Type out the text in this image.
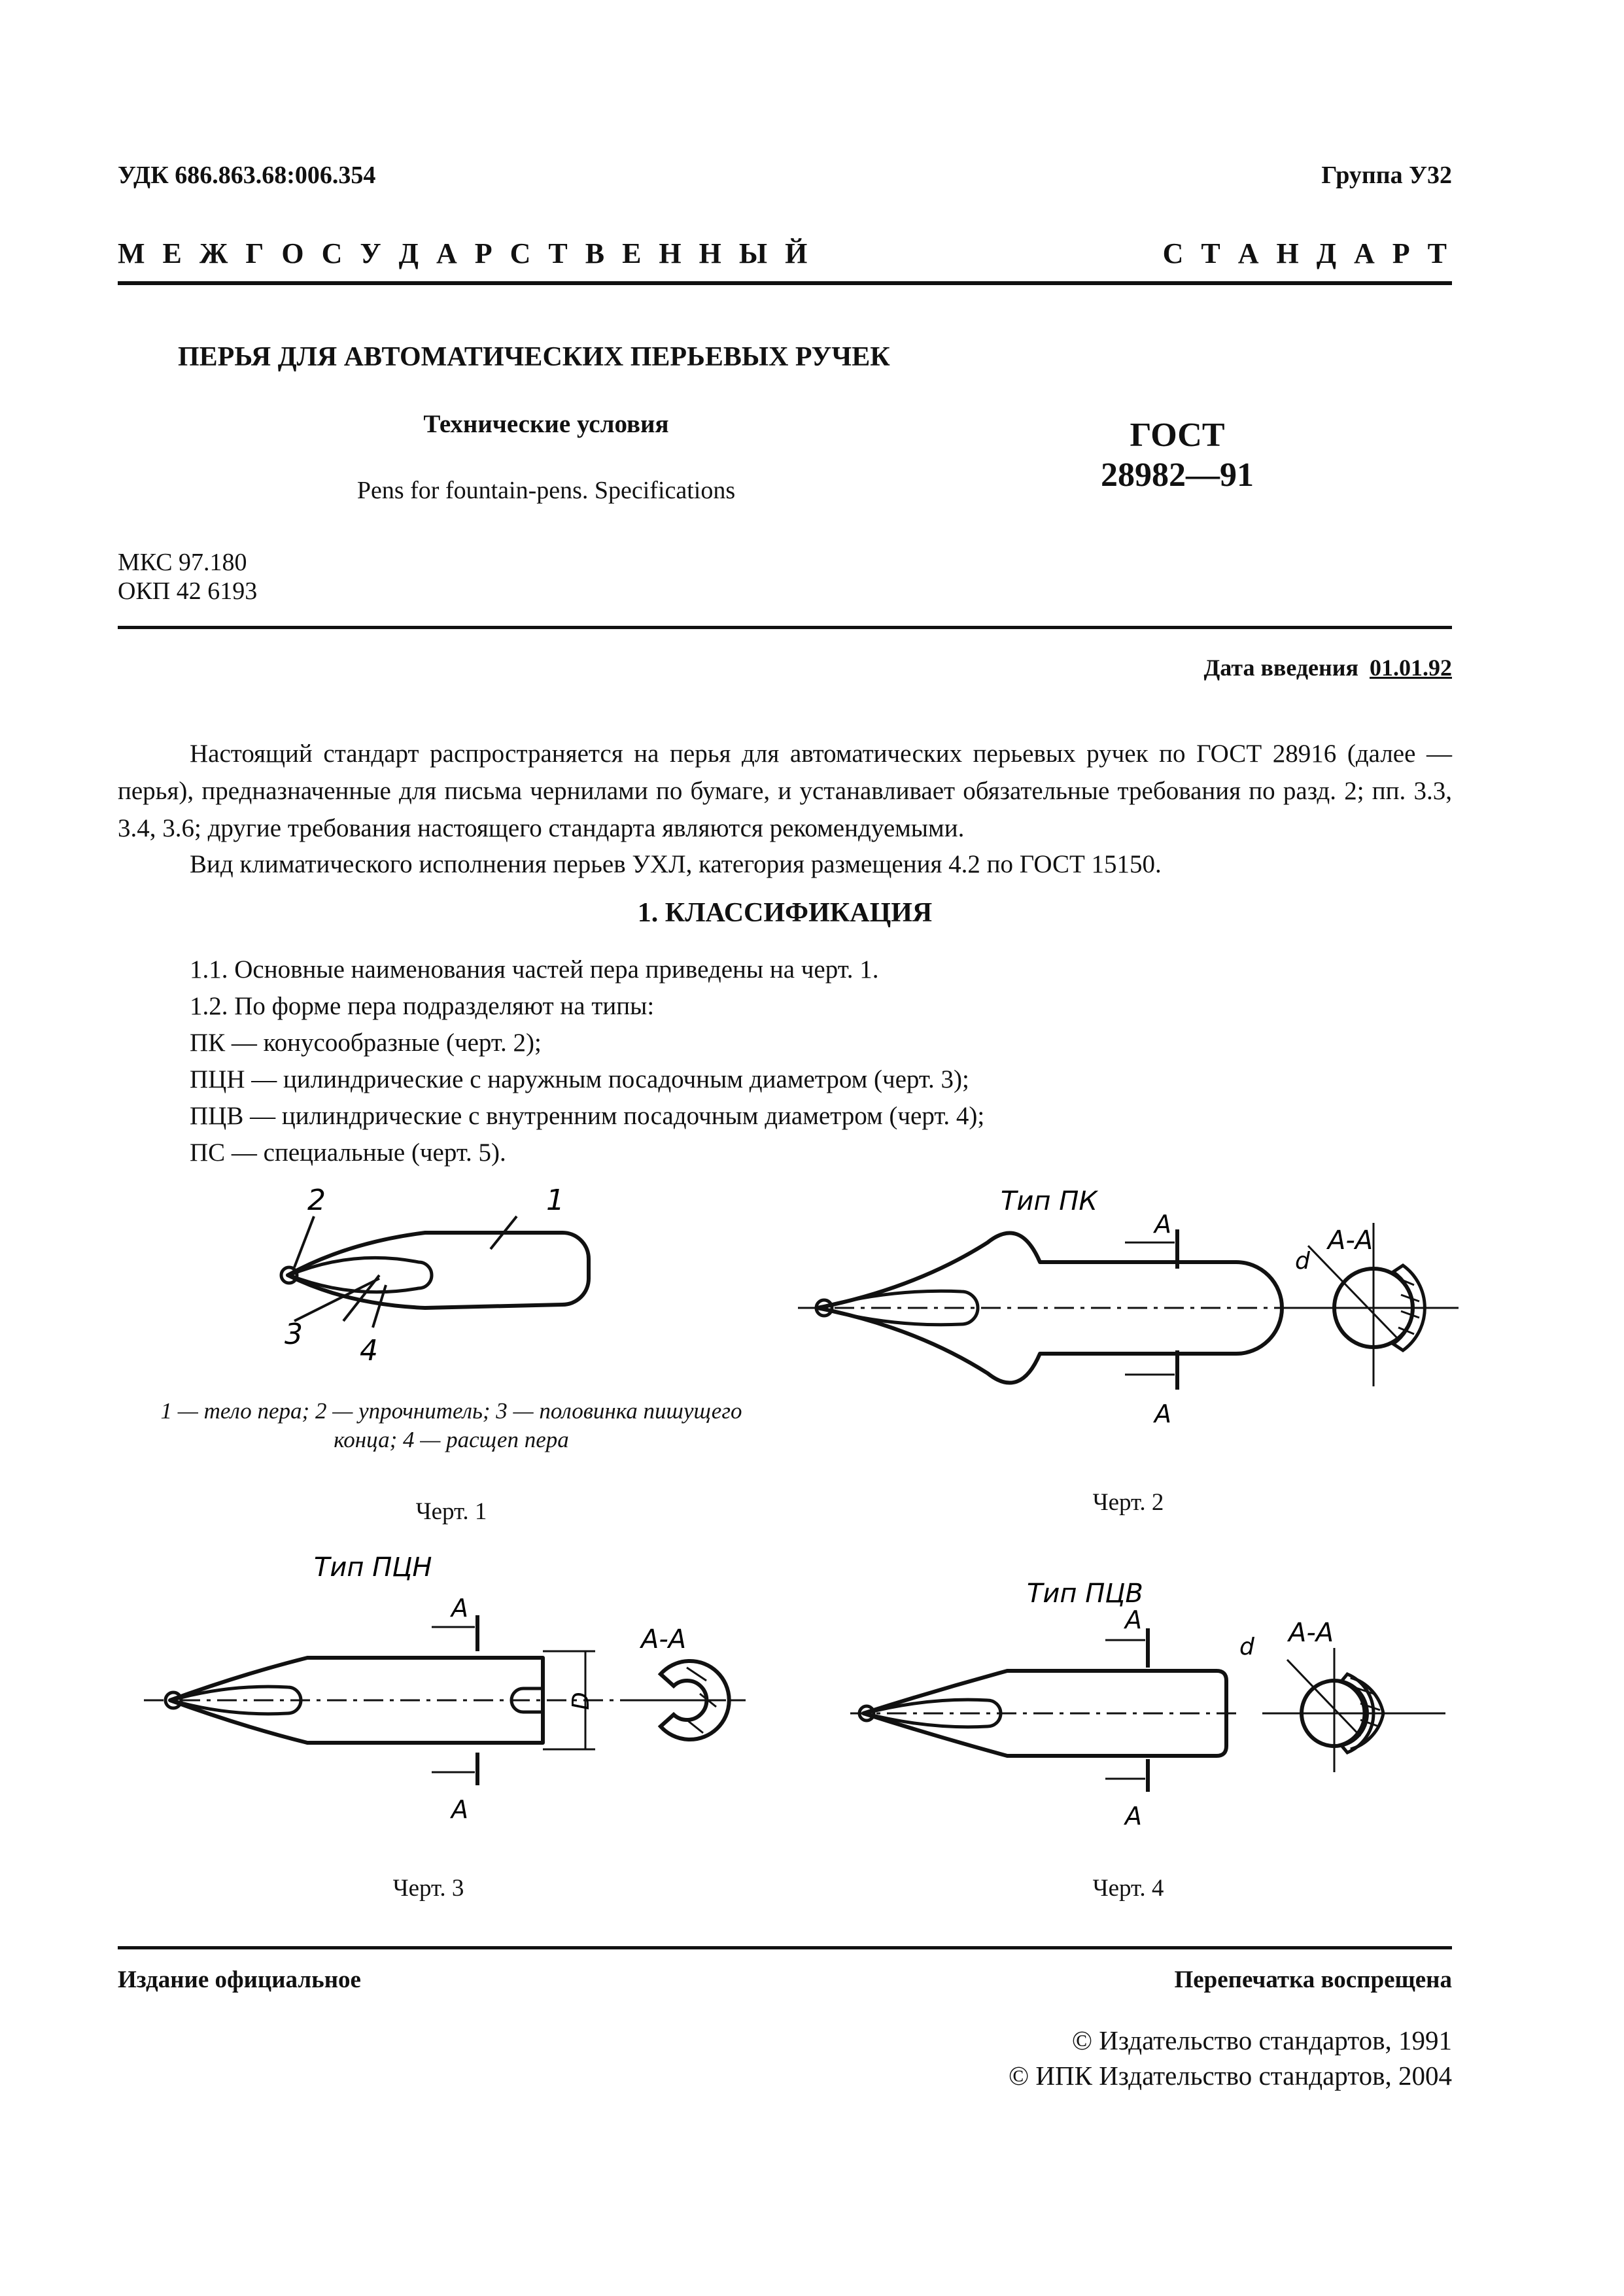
УДК 686.863.68:006.354	Группа У32
М Е Ж Г О С У Д А Р С Т В Е Н Н Ы Й	С Т А Н Д А Р Т
ПЕРЬЯ ДЛЯ АВТОМАТИЧЕСКИХ ПЕРЬЕВЫХ РУЧЕК
Технические условия
Pens for fountain-pens. Specifications
ГОСТ
28982—91
МКС 97.180
ОКП 42 6193
Дата введения 01.01.92
Настоящий стандарт распространяется на перья для автоматических перьевых ручек по ГОСТ 28916 (далее — перья), предназначенные для письма чернилами по бумаге, и устанавливает обязательные требования по разд. 2; пп. 3.3, 3.4, 3.6; другие требования настоящего стандарта являются рекомендуемыми.
Вид климатического исполнения перьев УХЛ, категория размещения 4.2 по ГОСТ 15150.
1. КЛАССИФИКАЦИЯ
1.1. Основные наименования частей пера приведены на черт. 1.
1.2. По форме пера подразделяют на типы:
ПК — конусообразные (черт. 2);
ПЦН — цилиндрические с наружным посадочным диаметром (черт. 3);
ПЦВ — цилиндрические с внутренним посадочным диаметром (черт. 4);
ПС — специальные (черт. 5).
1
2
3 4
1 — тело пера; 2 — упрочнитель; 3 — половинка пишущего
конца; 4 — расщеп пера
Черт. 1
Тип ПК
А
А
А-А
d
Черт. 2
Тип ПЦН
D
А
А
А-А
Черт. 3
Тип ПЦВ
А
А
А-А
d
Черт. 4
Издание официальное	Перепечатка воспрещена
© Издательство стандартов, 1991
© ИПК Издательство стандартов, 2004
